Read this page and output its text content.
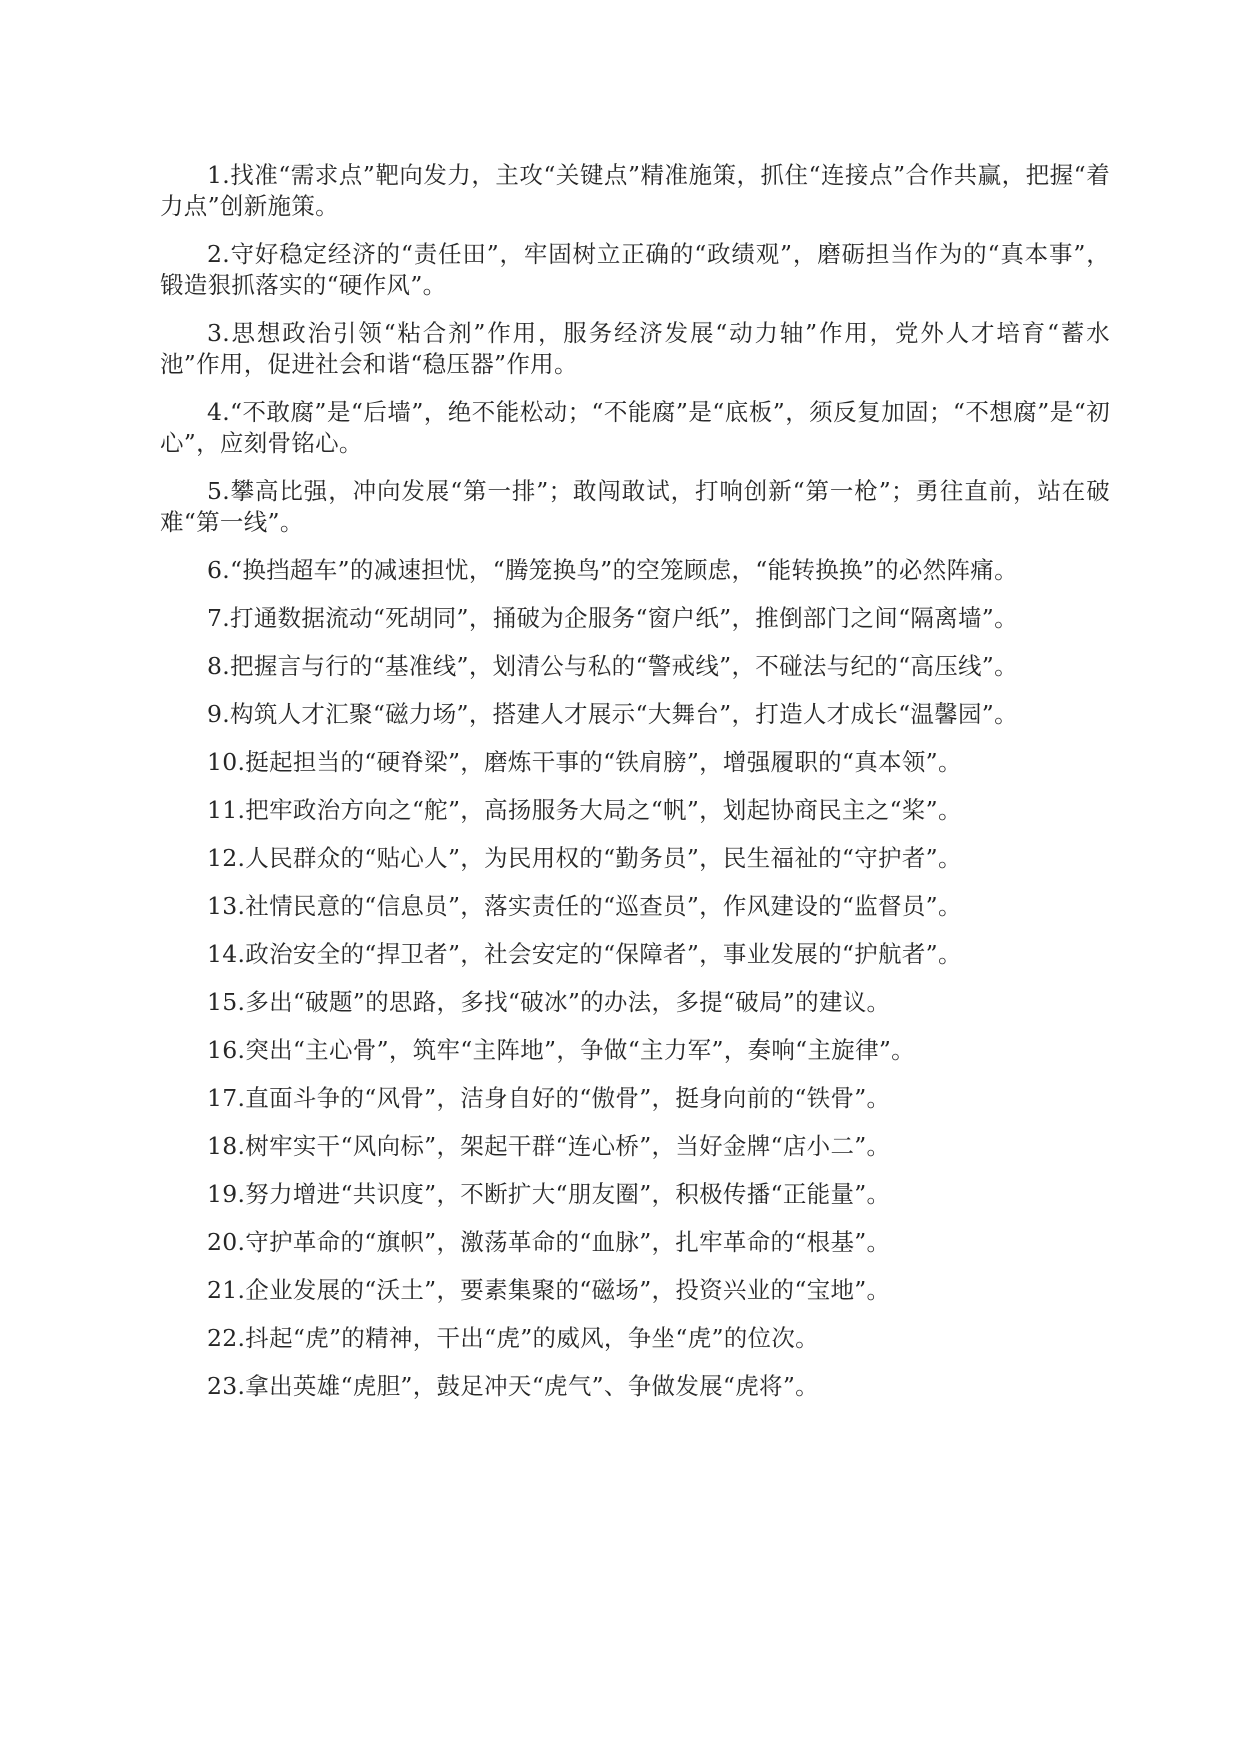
1.找准“需求点”靶向发力，主攻“关键点”精准施策，抓住“连接点”合作共赢，把握“着力点”创新施策。

2.守好稳定经济的“责任田”，牢固树立正确的“政绩观”，磨砺担当作为的“真本事”，锻造狠抓落实的“硬作风”。

3.思想政治引领“粘合剂”作用，服务经济发展“动力轴”作用，党外人才培育“蓄水池”作用，促进社会和谐“稳压器”作用。

4.“不敢腐”是“后墙”，绝不能松动；“不能腐”是“底板”，须反复加固；“不想腐”是“初心”，应刻骨铭心。

5.攀高比强，冲向发展“第一排”；敢闯敢试，打响创新“第一枪”；勇往直前，站在破难“第一线”。

6.“换挡超车”的减速担忧，“腾笼换鸟”的空笼顾虑，“能转换换”的必然阵痛。

7.打通数据流动“死胡同”，捅破为企服务“窗户纸”，推倒部门之间“隔离墙”。

8.把握言与行的“基准线”，划清公与私的“警戒线”，不碰法与纪的“高压线”。

9.构筑人才汇聚“磁力场”，搭建人才展示“大舞台”，打造人才成长“温馨园”。

10.挺起担当的“硬脊梁”，磨炼干事的“铁肩膀”，增强履职的“真本领”。

11.把牢政治方向之“舵”，高扬服务大局之“帆”，划起协商民主之“桨”。

12.人民群众的“贴心人”，为民用权的“勤务员”，民生福祉的“守护者”。

13.社情民意的“信息员”，落实责任的“巡查员”，作风建设的“监督员”。

14.政治安全的“捍卫者”，社会安定的“保障者”，事业发展的“护航者”。

15.多出“破题”的思路，多找“破冰”的办法，多提“破局”的建议。

16.突出“主心骨”，筑牢“主阵地”，争做“主力军”，奏响“主旋律”。

17.直面斗争的“风骨”，洁身自好的“傲骨”，挺身向前的“铁骨”。

18.树牢实干“风向标”，架起干群“连心桥”，当好金牌“店小二”。

19.努力增进“共识度”，不断扩大“朋友圈”，积极传播“正能量”。

20.守护革命的“旗帜”，激荡革命的“血脉”，扎牢革命的“根基”。

21.企业发展的“沃土”，要素集聚的“磁场”，投资兴业的“宝地”。

22.抖起“虎”的精神，干出“虎”的威风，争坐“虎”的位次。

23.拿出英雄“虎胆”，鼓足冲天“虎气”、争做发展“虎将”。
